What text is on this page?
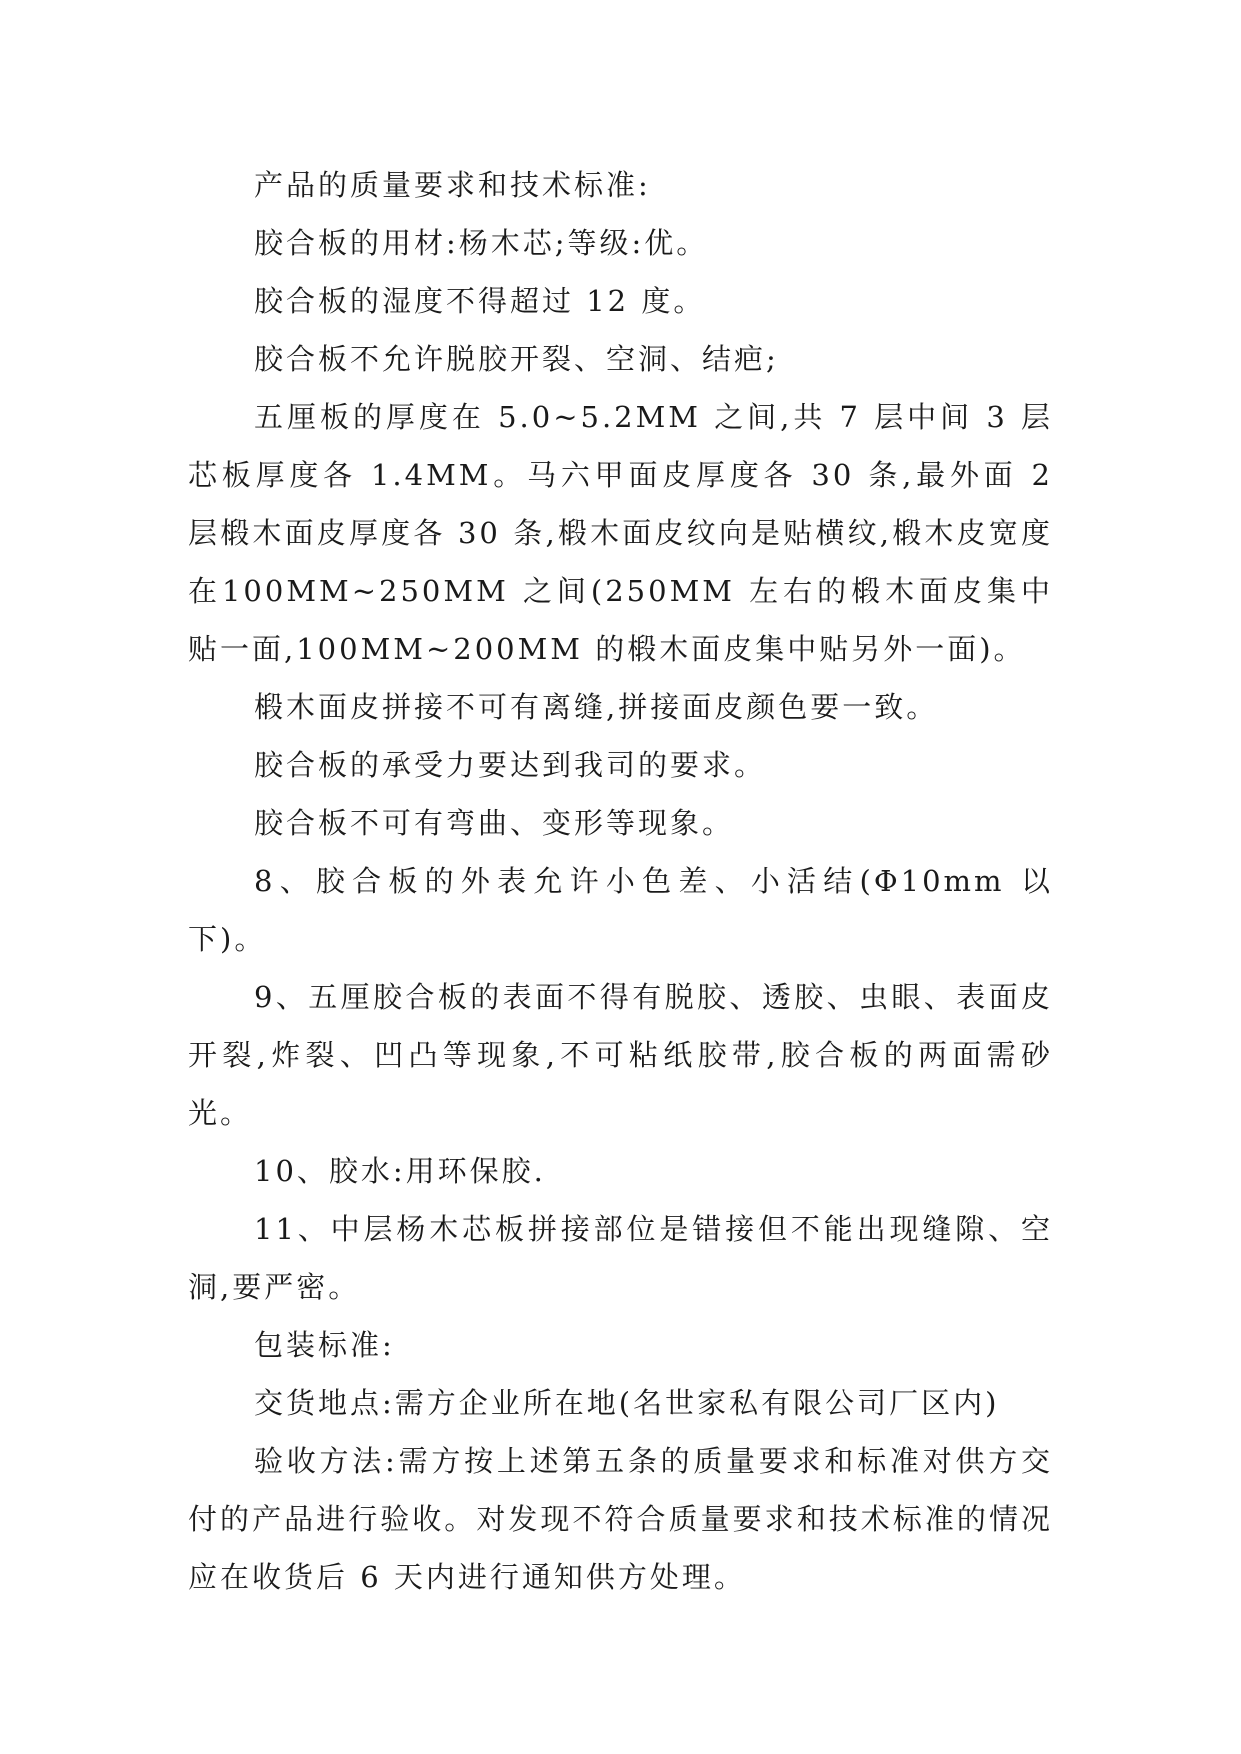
产品的质量要求和技术标准:

胶合板的用材:杨木芯;等级:优。

胶合板的湿度不得超过 12 度。

胶合板不允许脱胶开裂、空洞、结疤;

五厘板的厚度在 5.0~5.2MM 之间,共 7 层中间 3 层芯板厚度各 1.4MM。马六甲面皮厚度各 30 条,最外面 2 层椴木面皮厚度各 30 条,椴木面皮纹向是贴横纹,椴木皮宽度在100MM~250MM 之间(250MM 左右的椴木面皮集中贴一面,100MM~200MM 的椴木面皮集中贴另外一面)。

椴木面皮拼接不可有离缝,拼接面皮颜色要一致。

胶合板的承受力要达到我司的要求。

胶合板不可有弯曲、变形等现象。

8、胶合板的外表允许小色差、小活结(Φ10mm 以下)。

9、五厘胶合板的表面不得有脱胶、透胶、虫眼、表面皮开裂,炸裂、凹凸等现象,不可粘纸胶带,胶合板的两面需砂光。

10、胶水:用环保胶.

11、中层杨木芯板拼接部位是错接但不能出现缝隙、空洞,要严密。

包装标准:

交货地点:需方企业所在地(名世家私有限公司厂区内)

验收方法:需方按上述第五条的质量要求和标准对供方交付的产品进行验收。对发现不符合质量要求和技术标准的情况应在收货后 6 天内进行通知供方处理。
